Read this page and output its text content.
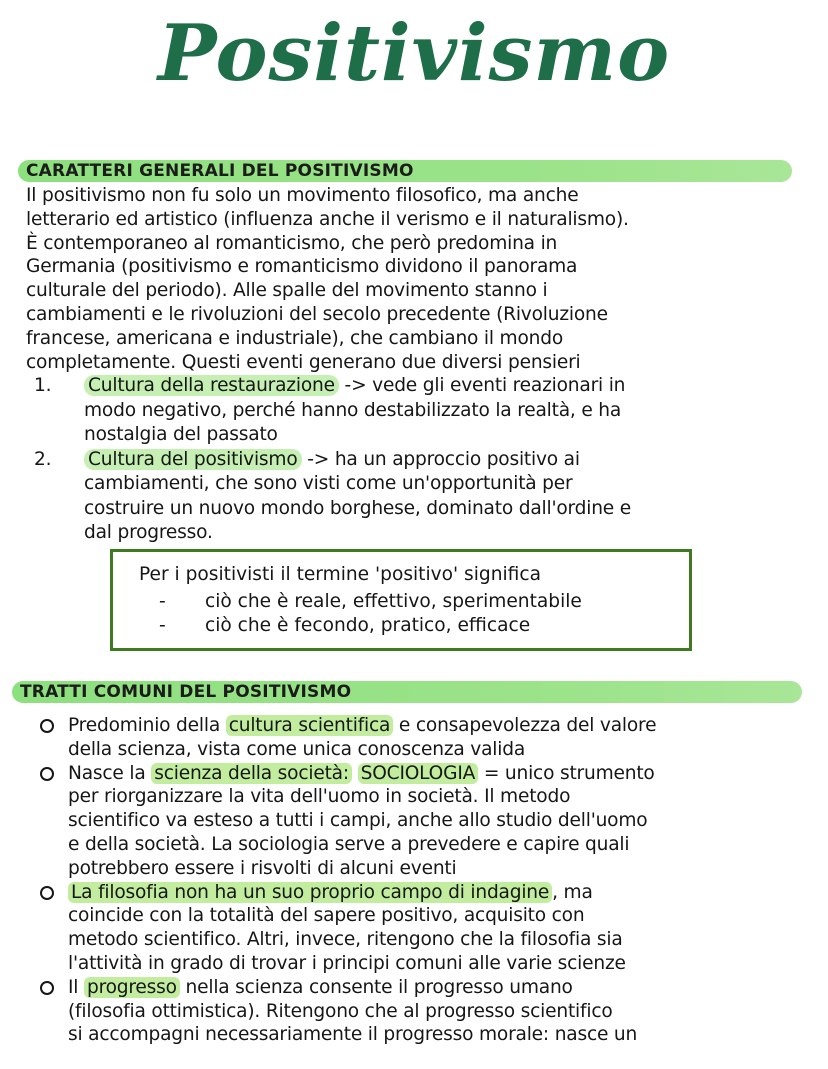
Positivismo
CARATTERI GENERALI DEL POSITIVISMO

Il positivismo non fu solo un movimento filosofico, ma anche

letterario ed artistico (influenza anche il verismo e il naturalismo).

È contemporaneo al romanticismo, che però predomina in

Germania (positivismo e romanticismo dividono il panorama

culturale del periodo). Alle spalle del movimento stanno i

cambiamenti e le rivoluzioni del secolo precedente (Rivoluzione

francese, americana e industriale), che cambiano il mondo

completamente. Questi eventi generano due diversi pensieri

1. Cultura della restaurazione -> vede gli eventi reazionari in
modo negativo, perché hanno destabilizzato la realtà, e ha
nostalgia del passato
2. Cultura del positivismo -> ha un approccio positivo ai
cambiamenti, che sono visti come un'opportunità per
costruire un nuovo mondo borghese, dominato dall'ordine e
dal progresso.
Per i positivisti il termine 'positivo' significa
- ciò che è reale, effettivo, sperimentabile
- ciò che è fecondo, pratico, efficace
TRATTI COMUNI DEL POSITIVISMO
Predominio della cultura scientifica e consapevolezza del valore
della scienza, vista come unica conoscenza valida
Nasce la scienza della società: SOCIOLOGIA = unico strumento
per riorganizzare la vita dell'uomo in società. Il metodo
scientifico va esteso a tutti i campi, anche allo studio dell'uomo
e della società. La sociologia serve a prevedere e capire quali
potrebbero essere i risvolti di alcuni eventi
La filosofia non ha un suo proprio campo di indagine , ma
coincide con la totalità del sapere positivo, acquisito con
metodo scientifico. Altri, invece, ritengono che la filosofia sia
l'attività in grado di trovar i principi comuni alle varie scienze
Il progresso nella scienza consente il progresso umano
(filosofia ottimistica). Ritengono che al progresso scientifico
si accompagni necessariamente il progresso morale: nasce un
